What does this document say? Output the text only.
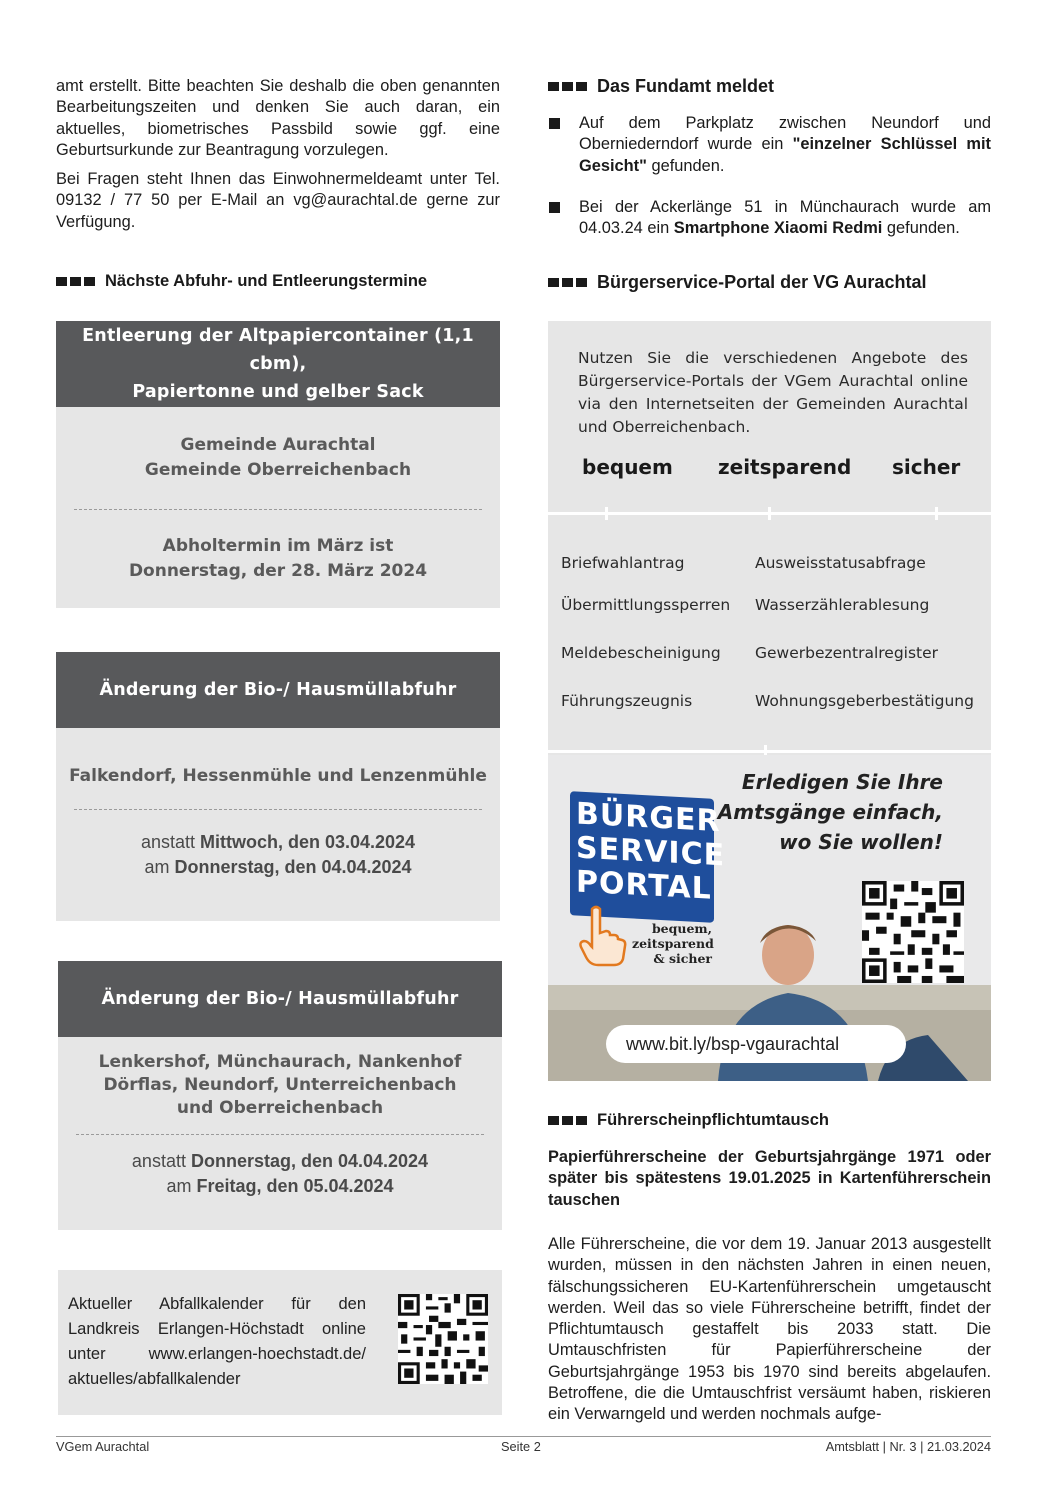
amt erstellt. Bitte beachten Sie deshalb die oben genannten Bearbeitungszeiten und denken Sie auch daran, ein aktuelles, biometrisches Passbild sowie ggf. eine Geburtsurkunde zur Beantragung vorzulegen.

Bei Fragen steht Ihnen das Einwohnermeldeamt unter Tel. 09132 / 77 50 per E-Mail an vg@aurachtal.de gerne zur Verfügung.

Nächste Abfuhr- und Entleerungstermine
Entleerung der Altpapiercontainer (1,1 cbm),
Papiertonne und gelber Sack
Gemeinde Aurachtal
Gemeinde Oberreichenbach
Abholtermin im März ist
Donnerstag, der 28. März 2024
Änderung der Bio-/ Hausmüllabfuhr
Falkendorf, Hessenmühle und Lenzenmühle
anstatt Mittwoch, den 03.04.2024
am Donnerstag, den 04.04.2024
Änderung der Bio-/ Hausmüllabfuhr
Lenkershof, Münchaurach, Nankenhof
Dörflas, Neundorf, Unterreichenbach
und Oberreichenbach
anstatt Donnerstag, den 04.04.2024
am Freitag, den 05.04.2024

Aktueller Abfallkalender für den Landkreis Erlangen-Höchstadt online unter www.erlangen-hoechstadt.de/ aktuelles/abfallkalender

Das Fundamt meldet
Auf dem Parkplatz zwischen Neundorf und Oberniederndorf wurde ein "einzelner Schlüssel mit Gesicht" gefunden.
Bei der Ackerlänge 51 in Münchaurach wurde am 04.03.24 ein Smartphone Xiaomi Redmi gefunden.
Bürgerservice-Portal der VG Aurachtal

Nutzen Sie die verschiedenen Angebote des Bürgerservice-Portals der VGem Aurachtal online via den Internetseiten der Gemeinden Aurachtal und Oberreichenbach.

bequem zeitsparend sicher
Briefwahlantrag
Übermittlungssperren
Meldebescheinigung
Führungszeugnis
Ausweisstatusabfrage
Wasserzählerablesung
Gewerbezentralregister
Wohnungsgeberbestätigung
Erledigen Sie Ihre
Amtsgänge einfach,
wo Sie wollen!
BÜRGER
SERVICE
PORTAL
bequem,
zeitsparend
& sicher
www.bit.ly/bsp-vgaurachtal
Führerscheinpflichtumtausch

Papierführerscheine der Geburtsjahrgänge 1971 oder später bis spätestens 19.01.2025 in Kartenführerschein tauschen

Alle Führerscheine, die vor dem 19. Januar 2013 ausgestellt wurden, müssen in den nächsten Jahren in einen neuen, fälschungssicheren EU-Kartenführerschein umgetauscht werden. Weil das so viele Führerscheine betrifft, findet der Pflichtumtausch gestaffelt bis 2033 statt. Die Umtauschfristen für Papierführerscheine der Geburtsjahrgänge 1953 bis 1970 sind bereits abgelaufen. Betroffene, die die Umtauschfrist versäumt haben, riskieren ein Verwarngeld und werden nochmals aufge-

VGem Aurachtal	Seite 2	Amtsblatt | Nr. 3 | 21.03.2024
